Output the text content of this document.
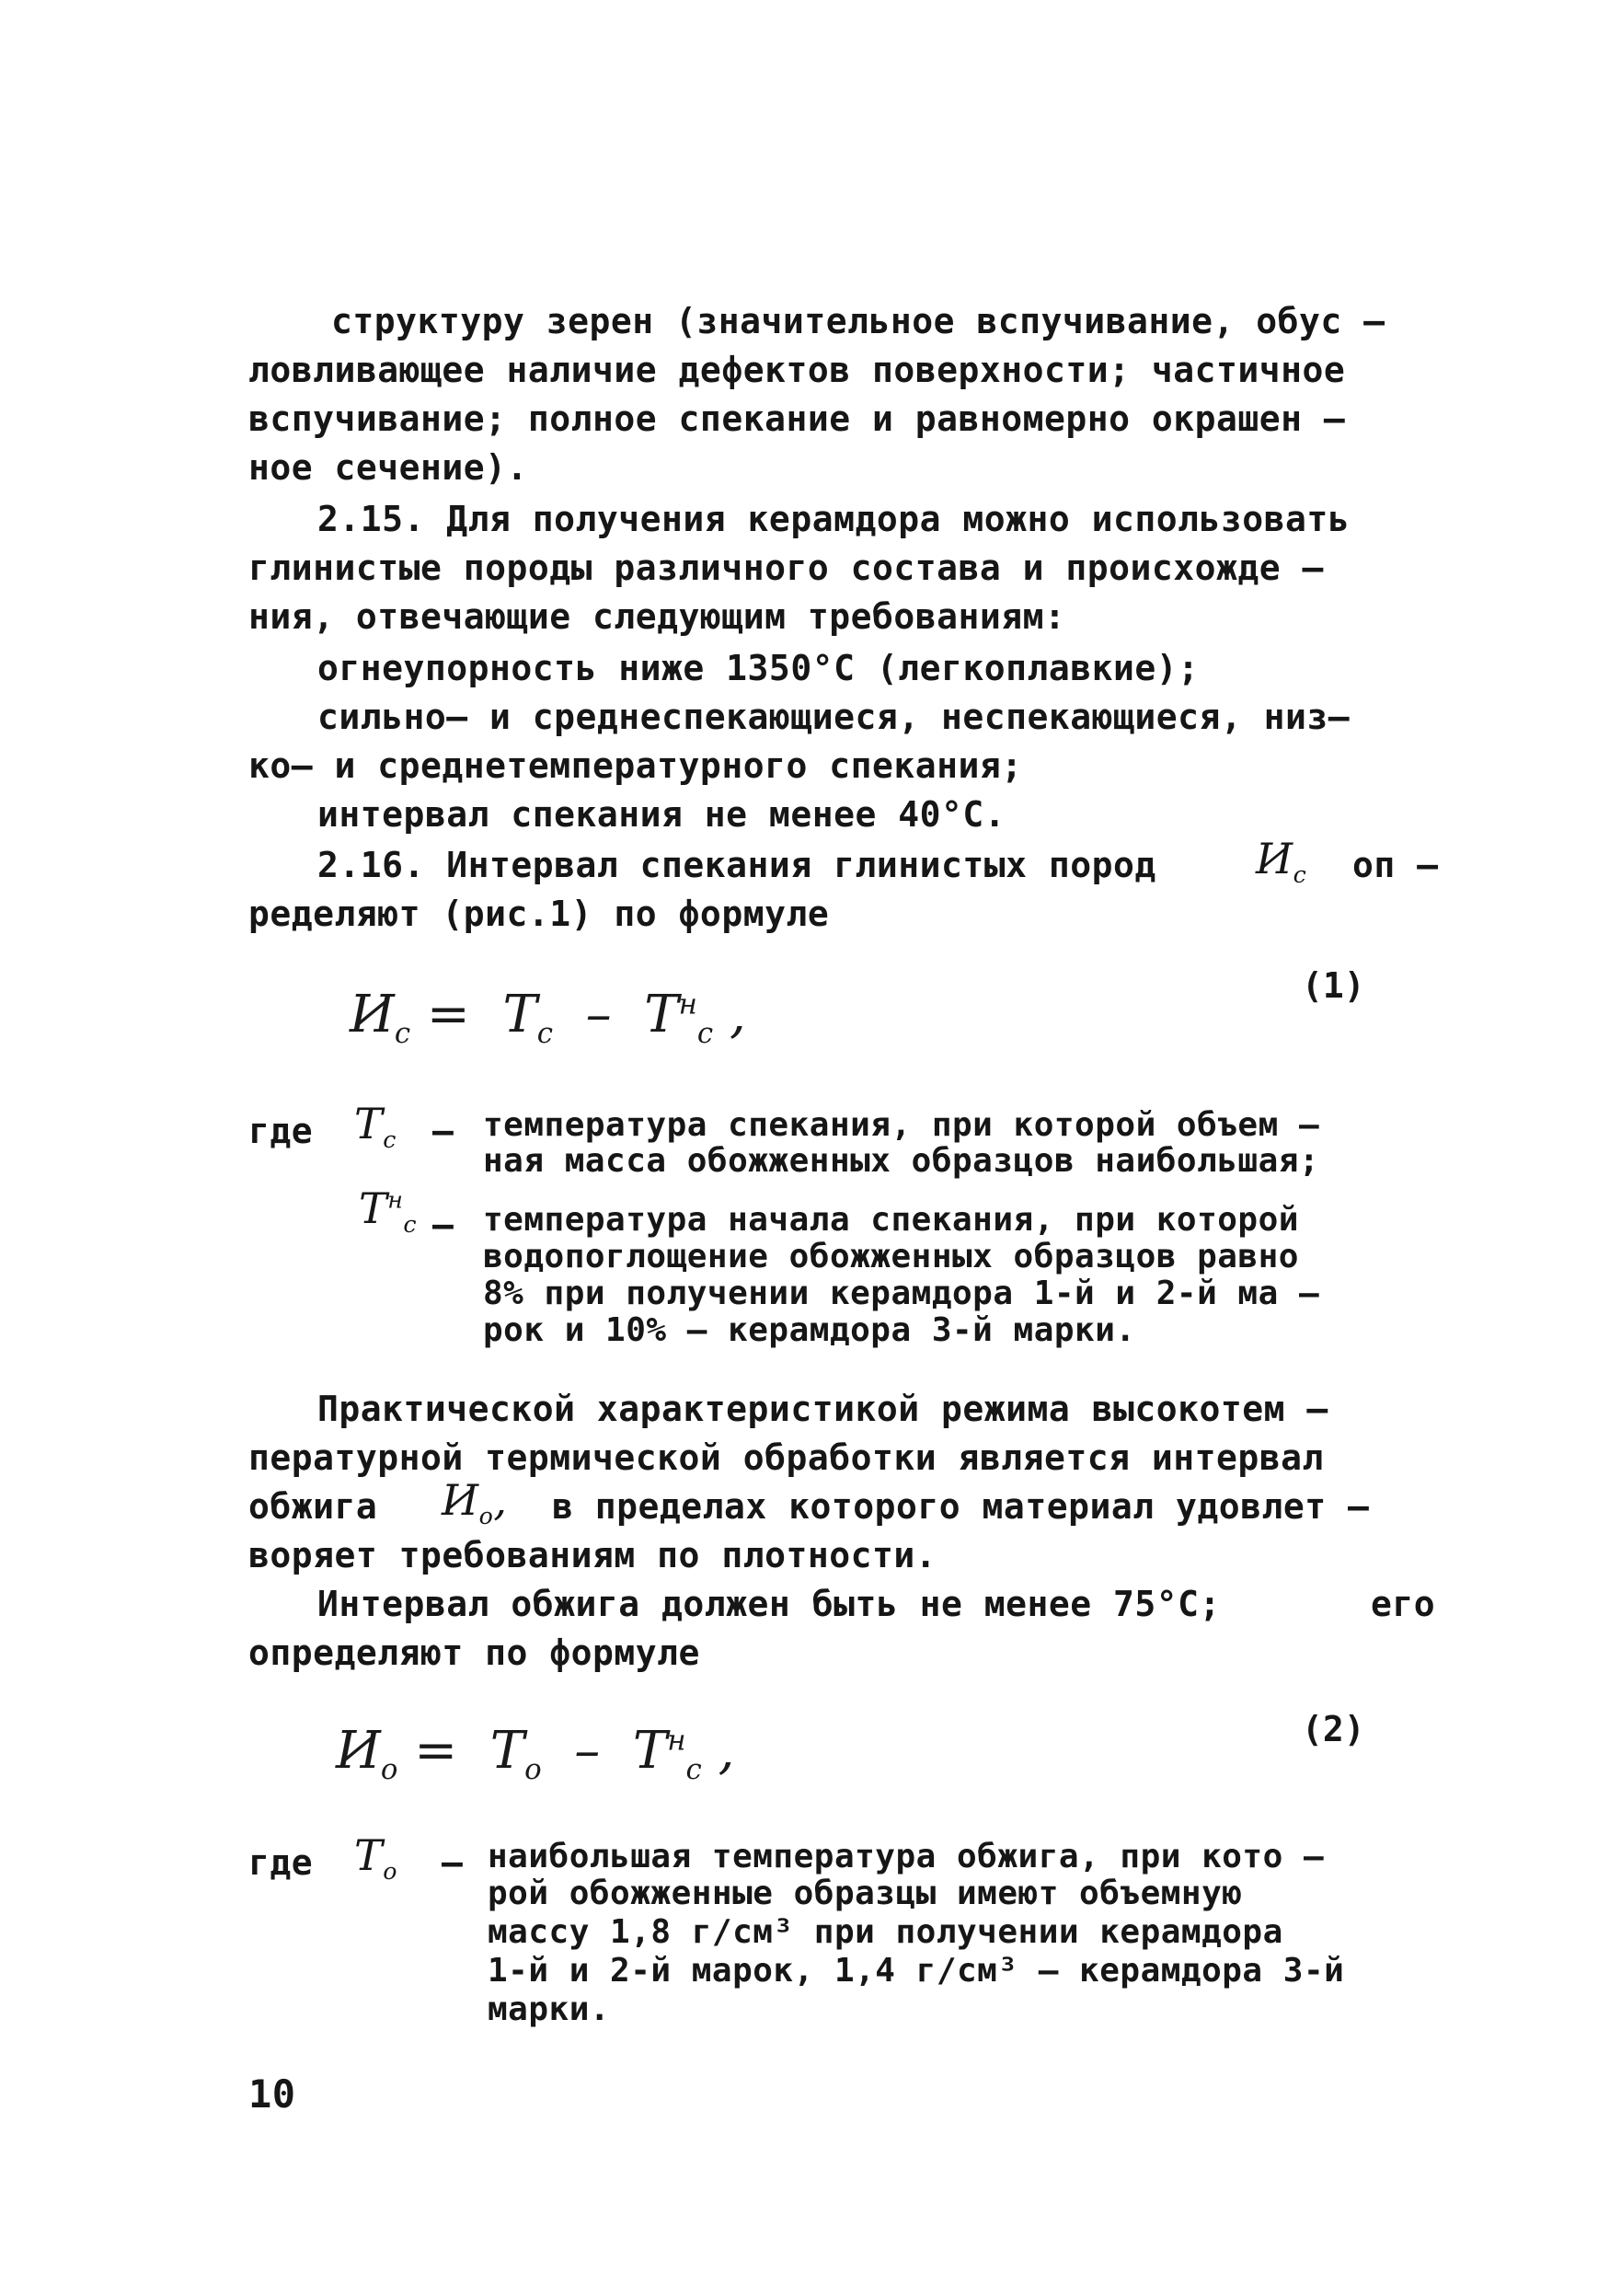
структуру зерен (значительное вспучивание, обус –
ловливающее наличие дефектов поверхности; частичное
вспучивание; полное спекание и равномерно окрашен –
ное сечение).
2.15. Для получения керамдора можно использовать
глинистые породы различного состава и происхожде –
ния, отвечающие следующим требованиям:
огнеупорность ниже 1350°C (легкоплавкие);
сильно– и среднеспекающиеся, неспекающиеся, низ–
ко– и среднетемпературного спекания;
интервал спекания не менее 40°C.
2.16. Интервал спекания глинистых пород $И_с$ оп –
ределяют (рис.1) по формуле
$И_с = T_с - T^н_с$ ,	(1)
где $T_с$ – температура спекания, при которой объем –
ная масса обожженных образцов наибольшая;
$T^н_с$ – температура начала спекания, при которой
водопоглощение обожженных образцов равно
8% при получении керамдора 1-й и 2-й ма –
рок и 10% – керамдора 3-й марки.
Практической характеристикой режима высокотем –
пературной термической обработки является интервал
обжига $И_о$, в пределах которого материал удовлет –
воряет требованиям по плотности.
Интервал обжига должен быть не менее 75°C;	его
определяют по формуле
$И_о = T_о - T^н_с$ ,	(2)
где $T_о$ – наибольшая температура обжига, при кото –
рой обожженные образцы имеют объемную
массу 1,8 г/см³ при получении керамдора
1-й и 2-й марок, 1,4 г/см³ – керамдора 3-й
марки.
10
